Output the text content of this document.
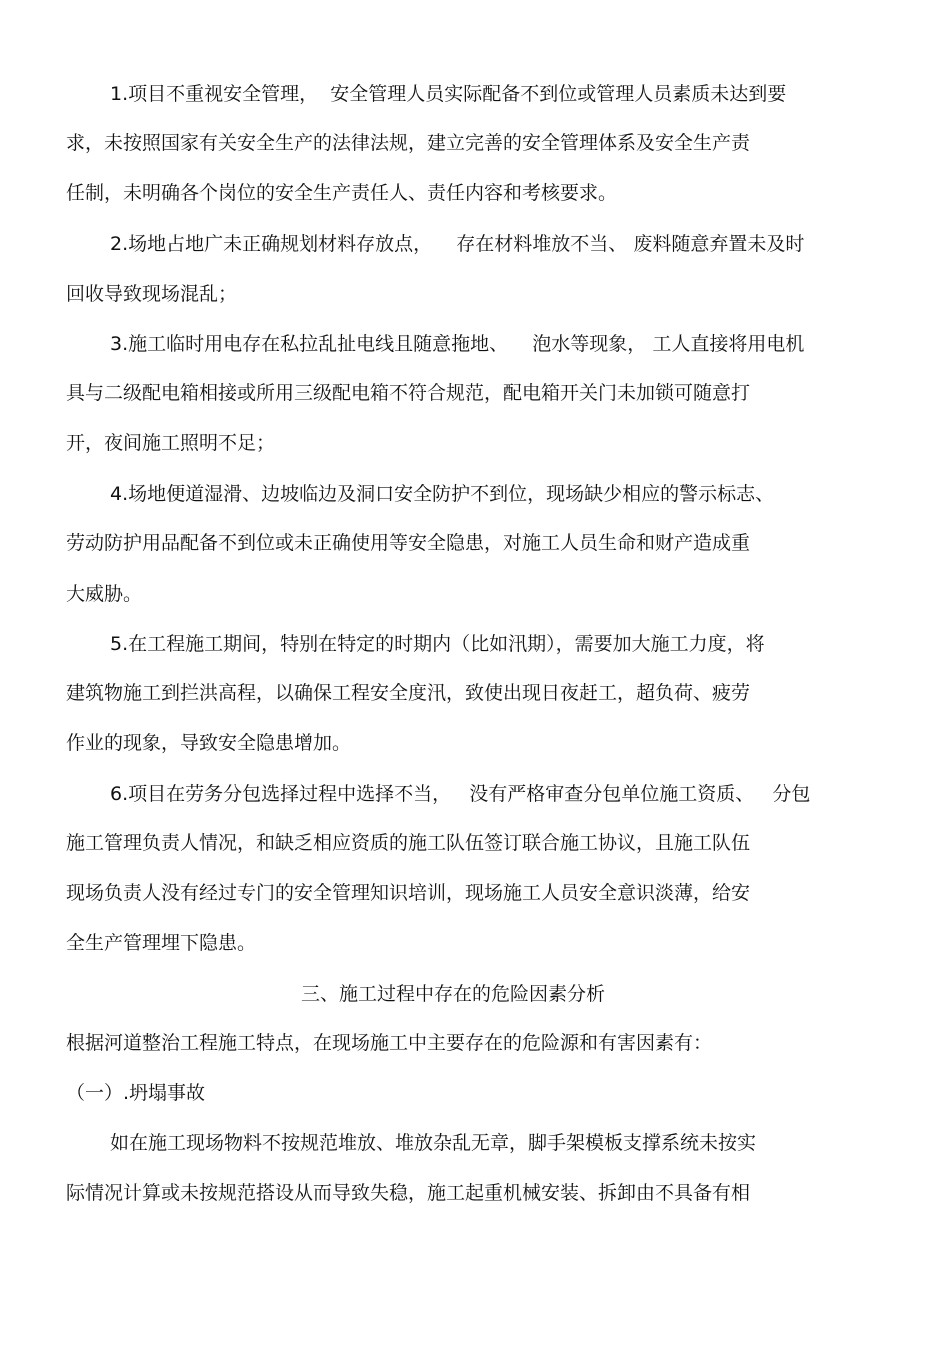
1.项目不重视安全管理，  安全管理人员实际配备不到位或管理人员素质未达到要
求，未按照国家有关安全生产的法律法规，建立完善的安全管理体系及安全生产责
任制，未明确各个岗位的安全生产责任人、责任内容和考核要求。
2.场地占地广未正确规划材料存放点，    存在材料堆放不当、 废料随意弃置未及时
回收导致现场混乱；
3.施工临时用电存在私拉乱扯电线且随意拖地、    泡水等现象， 工人直接将用电机
具与二级配电箱相接或所用三级配电箱不符合规范，配电箱开关门未加锁可随意打
开，夜间施工照明不足；
4.场地便道湿滑、边坡临边及洞口安全防护不到位，现场缺少相应的警示标志、
劳动防护用品配备不到位或未正确使用等安全隐患，对施工人员生命和财产造成重
大威胁。
5.在工程施工期间，特别在特定的时期内（比如汛期），需要加大施工力度，将
建筑物施工到拦洪高程，以确保工程安全度汛，致使出现日夜赶工，超负荷、疲劳
作业的现象，导致安全隐患增加。
6.项目在劳务分包选择过程中选择不当，   没有严格审查分包单位施工资质、   分包
施工管理负责人情况，和缺乏相应资质的施工队伍签订联合施工协议，且施工队伍
现场负责人没有经过专门的安全管理知识培训，现场施工人员安全意识淡薄，给安
全生产管理埋下隐患。
三、施工过程中存在的危险因素分析
根据河道整治工程施工特点，在现场施工中主要存在的危险源和有害因素有：
（一）.坍塌事故
如在施工现场物料不按规范堆放、堆放杂乱无章，脚手架模板支撑系统未按实
际情况计算或未按规范搭设从而导致失稳，施工起重机械安装、拆卸由不具备有相
